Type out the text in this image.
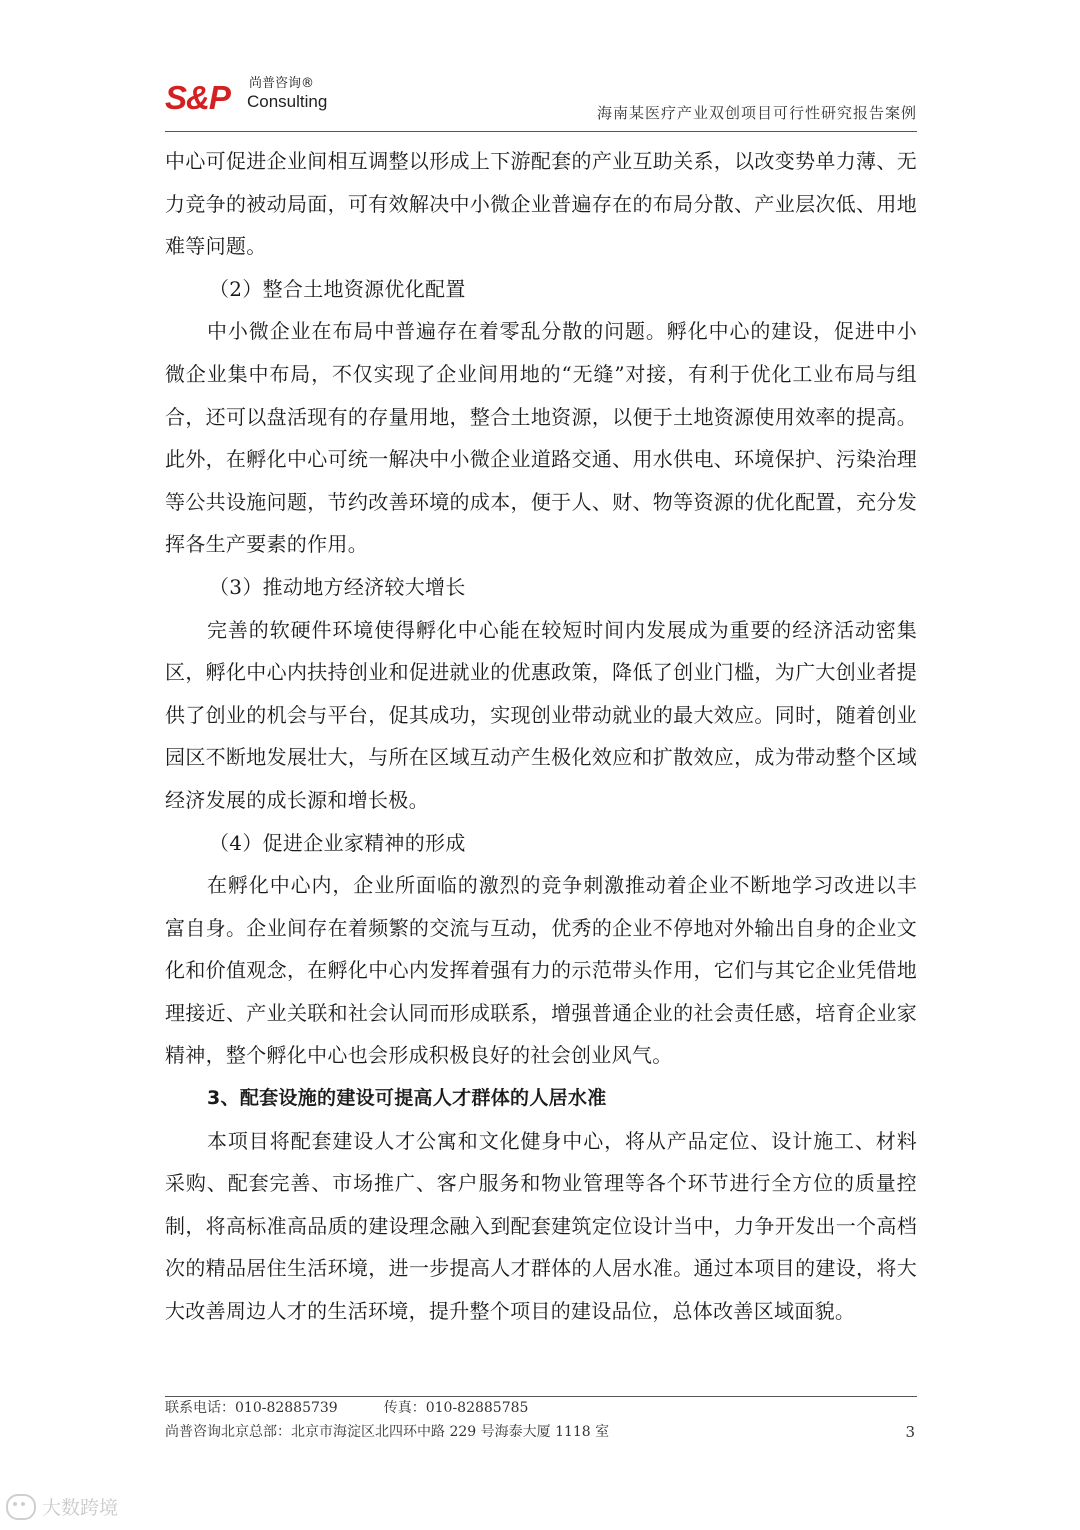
S&P 尚普咨询®
Consulting
海南某医疗产业双创项目可行性研究报告案例

中心可促进企业间相互调整以形成上下游配套的产业互助关系，以改变势单力薄、无力竞争的被动局面，可有效解决中小微企业普遍存在的布局分散、产业层次低、用地难等问题。

（2）整合土地资源优化配置

中小微企业在布局中普遍存在着零乱分散的问题。孵化中心的建设，促进中小微企业集中布局，不仅实现了企业间用地的“无缝”对接，有利于优化工业布局与组合，还可以盘活现有的存量用地，整合土地资源，以便于土地资源使用效率的提高。此外，在孵化中心可统一解决中小微企业道路交通、用水供电、环境保护、污染治理等公共设施问题，节约改善环境的成本，便于人、财、物等资源的优化配置，充分发挥各生产要素的作用。

（3）推动地方经济较大增长

完善的软硬件环境使得孵化中心能在较短时间内发展成为重要的经济活动密集区，孵化中心内扶持创业和促进就业的优惠政策，降低了创业门槛，为广大创业者提供了创业的机会与平台，促其成功，实现创业带动就业的最大效应。同时，随着创业园区不断地发展壮大，与所在区域互动产生极化效应和扩散效应，成为带动整个区域经济发展的成长源和增长极。

（4）促进企业家精神的形成

在孵化中心内，企业所面临的激烈的竞争刺激推动着企业不断地学习改进以丰富自身。企业间存在着频繁的交流与互动，优秀的企业不停地对外输出自身的企业文化和价值观念，在孵化中心内发挥着强有力的示范带头作用，它们与其它企业凭借地理接近、产业关联和社会认同而形成联系，增强普通企业的社会责任感，培育企业家精神，整个孵化中心也会形成积极良好的社会创业风气。

3、配套设施的建设可提高人才群体的人居水准

本项目将配套建设人才公寓和文化健身中心，将从产品定位、设计施工、材料采购、配套完善、市场推广、客户服务和物业管理等各个环节进行全方位的质量控制，将高标准高品质的建设理念融入到配套建筑定位设计当中，力争开发出一个高档次的精品居住生活环境，进一步提高人才群体的人居水准。通过本项目的建设，将大大改善周边人才的生活环境，提升整个项目的建设品位，总体改善区域面貌。

联系电话：010-82885739	传真：010-82885785
尚普咨询北京总部：北京市海淀区北四环中路 229 号海泰大厦 1118 室	3
大数跨境
